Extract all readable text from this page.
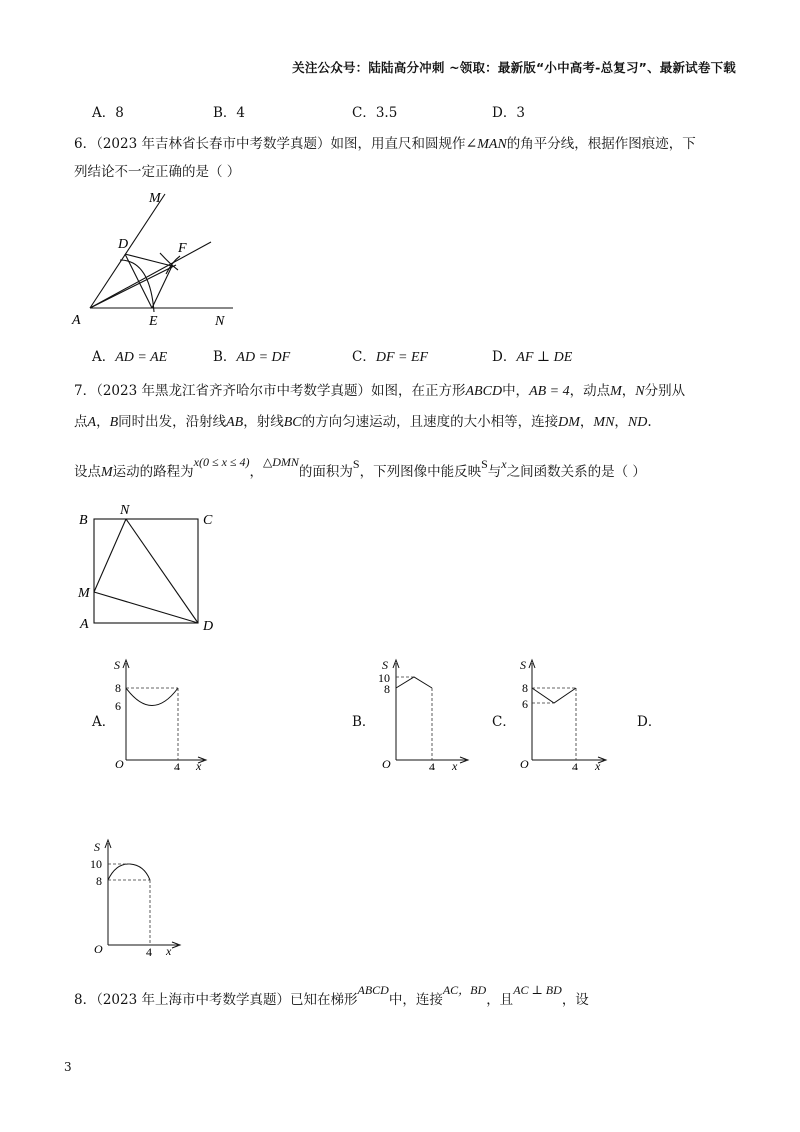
关注公众号：陆陆高分冲刺 ~领取：最新版“小中高考-总复习”、最新试卷下载
A．8	B．4	C．3.5	D．3
6．（2023 年吉林省长春市中考数学真题）如图，用直尺和圆规作∠MAN的角平分线，根据作图痕迹，下
列结论不一定正确的是（ ）
M
D	F
A	E	N
A．AD = AE	B．AD = DF	C．DF = EF	D．AF ⊥ DE
7．（2023 年黑龙江省齐齐哈尔市中考数学真题）如图，在正方形ABCD中，AB = 4，动点M，N分别从
点A，B同时出发，沿射线AB，射线BC的方向匀速运动，且速度的大小相等，连接DM，MN，ND.
设点M运动的路程为x(0 ≤ x ≤ 4)，△DMN的面积为S，下列图像中能反映S与x之间函数关系的是（ ）
B
N
C
M
A	D
A．	B．	C．	D．
S
8
6
O	4 x
S
10
8
O	4 x
S
8
6
O	4 x
S
10
8
O	4 x
8．（2023 年上海市中考数学真题）已知在梯形ABCD中，连接AC，BD，且AC ⊥ BD，设
3
